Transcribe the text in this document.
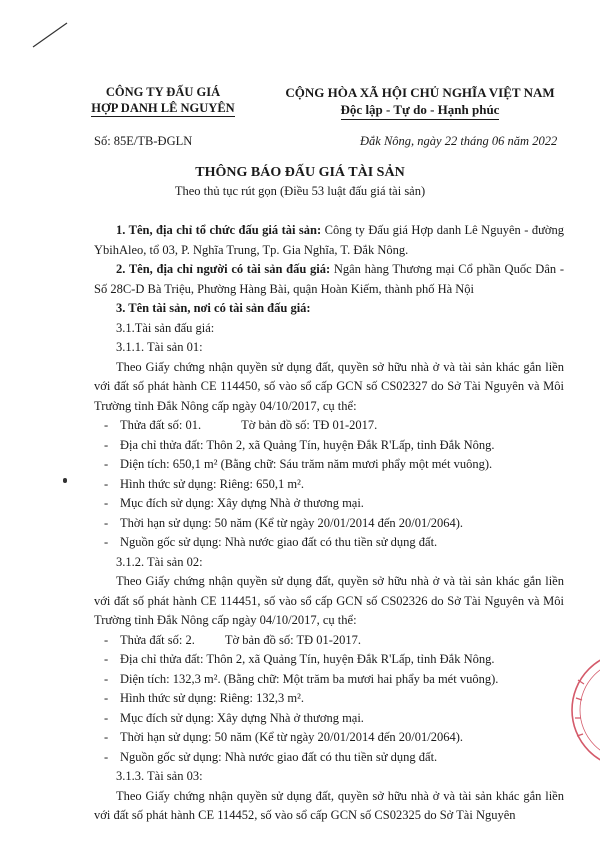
CÔNG TY ĐẤU GIÁ
HỢP DANH LÊ NGUYÊN
CỘNG HÒA XÃ HỘI CHỦ NGHĨA VIỆT NAM
Độc lập - Tự do - Hạnh phúc
Số: 85E/TB-ĐGLN	Đắk Nông, ngày 22 tháng 06 năm 2022
THÔNG BÁO ĐẤU GIÁ TÀI SẢN
Theo thủ tục rút gọn (Điều 53 luật đấu giá tài sản)

1. Tên, địa chỉ tổ chức đấu giá tài sản: Công ty Đấu giá Hợp danh Lê Nguyên - đường YbihAleo, tổ 03, P. Nghĩa Trung, Tp. Gia Nghĩa, T. Đắk Nông.

2. Tên, địa chỉ người có tài sản đấu giá: Ngân hàng Thương mại Cổ phần Quốc Dân - Số 28C-D Bà Triệu, Phường Hàng Bài, quận Hoàn Kiếm, thành phố Hà Nội

3. Tên tài sản, nơi có tài sản đấu giá:

3.1.Tài sản đấu giá:

3.1.1. Tài sản 01:

Theo Giấy chứng nhận quyền sử dụng đất, quyền sở hữu nhà ở và tài sản khác gắn liền với đất số phát hành CE 114450, số vào sổ cấp GCN số CS02327 do Sở Tài Nguyên và Môi Trường tỉnh Đắk Nông cấp ngày 04/10/2017, cụ thể:

- Thửa đất số: 01.	Tờ bản đồ số: TĐ 01-2017.
- Địa chỉ thửa đất: Thôn 2, xã Quảng Tín, huyện Đắk R'Lấp, tỉnh Đắk Nông.
- Diện tích: 650,1 m² (Bằng chữ: Sáu trăm năm mươi phẩy một mét vuông).
- Hình thức sử dụng: Riêng: 650,1 m².
- Mục đích sử dụng: Xây dựng Nhà ở thương mại.
- Thời hạn sử dụng: 50 năm (Kể từ ngày 20/01/2014 đến 20/01/2064).
- Nguồn gốc sử dụng: Nhà nước giao đất có thu tiền sử dụng đất.

3.1.2. Tài sản 02:

Theo Giấy chứng nhận quyền sử dụng đất, quyền sở hữu nhà ở và tài sản khác gắn liền với đất số phát hành CE 114451, số vào sổ cấp GCN số CS02326 do Sở Tài Nguyên và Môi Trường tỉnh Đắk Nông cấp ngày 04/10/2017, cụ thể:

- Thửa đất số: 2. Tờ bản đồ số: TĐ 01-2017.
- Địa chỉ thửa đất: Thôn 2, xã Quảng Tín, huyện Đắk R'Lấp, tỉnh Đắk Nông.
- Diện tích: 132,3 m². (Bằng chữ: Một trăm ba mươi hai phẩy ba mét vuông).
- Hình thức sử dụng: Riêng: 132,3 m².
- Mục đích sử dụng: Xây dựng Nhà ở thương mại.
- Thời hạn sử dụng: 50 năm (Kể từ ngày 20/01/2014 đến 20/01/2064).
- Nguồn gốc sử dụng: Nhà nước giao đất có thu tiền sử dụng đất.

3.1.3. Tài sản 03:

Theo Giấy chứng nhận quyền sử dụng đất, quyền sở hữu nhà ở và tài sản khác gắn liền với đất số phát hành CE 114452, số vào sổ cấp GCN số CS02325 do Sở Tài Nguyên
